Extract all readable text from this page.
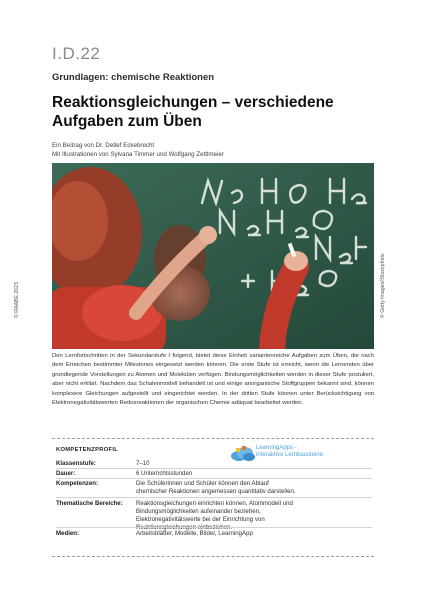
I.D.22
Grundlagen: chemische Reaktionen
Reaktionsgleichungen – verschiedene
Aufgaben zum Üben
Ein Beitrag von Dr. Detlef Eckebrecht
Mit Illustrationen von Sylvana Timmer und Wolfgang Zettlmeier
© RAABE 2023	© Getty Images/iStockphoto
Den Lernfortschritten in der Sekundarstufe I folgend, bietet diese Einheit variantenreiche Aufgaben zum Üben, die nach dem Erreichen bestimmter Milestones eingesetzt werden können. Die erste Stufe ist erreicht, wenn die Lernenden über grundlegende Vorstellungen zu Atomen und Molekülen verfügen. Bindungsmöglichkeiten werden in dieser Stufe postuliert, aber nicht erklärt. Nachdem das Schalenmodell behandelt ist und einige anorganische Stoffgruppen bekannt sind, können komplexere Gleichungen aufgestellt und eingerichtet werden. In der dritten Stufe können unter Berücksichtigung von Elektronegativitätswerten Redoxreaktionen der organischen Chemie adäquat bearbeitet werden.
KOMPETENZPROFIL	LearningApps -
interaktive Lernbausteine
Klassenstufe:	7–10
Dauer:	6 Unterrichtsstunden
Kompetenzen:	Die Schülerinnen und Schüler können den Ablauf chemischer Reaktionen angemessen quantitativ darstellen.
Thematische Bereiche:	Reaktionsgleichungen einrichten können, Atommodell und Bindungsmöglichkeiten aufeinander beziehen, Elektronegativitätswerte bei der Einrichtung von Reaktionsgleichungen einbeziehen.
Medien:	Arbeitsblätter, Modelle, Bilder, LearningApp
